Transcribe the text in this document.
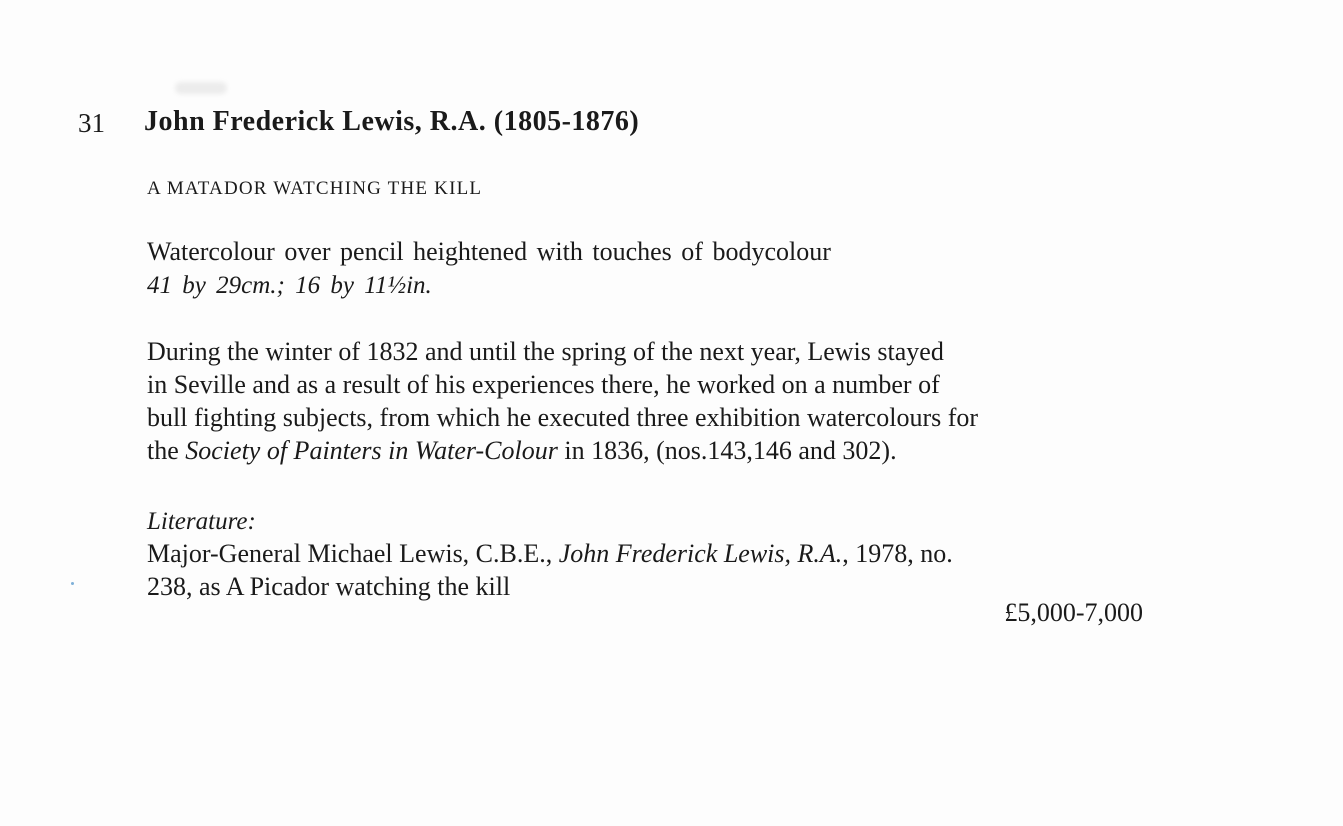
31 John Frederick Lewis, R.A. (1805-1876)
A MATADOR WATCHING THE KILL
Watercolour over pencil heightened with touches of bodycolour
41 by 29cm.; 16 by 11½in.
During the winter of 1832 and until the spring of the next year, Lewis stayed
in Seville and as a result of his experiences there, he worked on a number of
bull fighting subjects, from which he executed three exhibition watercolours for
the Society of Painters in Water-Colour in 1836, (nos.143,146 and 302).
Literature:
Major-General Michael Lewis, C.B.E., John Frederick Lewis, R.A., 1978, no.
238, as A Picador watching the kill
£5,000-7,000
